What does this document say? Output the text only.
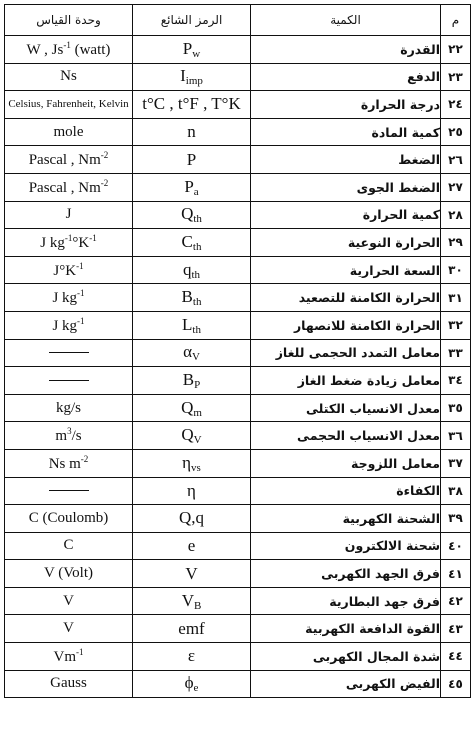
وحدة القياس	الرمز الشائع	الكمية	م
W , $Js^{-1}$ (watt)	$P_w$	القدرة	٢٢
Ns	$I_{imp}$	الدفع	٢٣
Celsius, Fahrenheit, Kelvin	t°C , t°F , T°K	درجة الحرارة	٢٤
mole	n	كمية المادة	٢٥
Pascal , $Nm^{-2}$	P	الضغط	٢٦
Pascal , $Nm^{-2}$	$P_a$	الضغط الجوى	٢٧
J	$Q_{th}$	كمية الحرارة	٢٨
J $kg^{-1}^\circ K^{-1}$	$C_{th}$	الحرارة النوعية	٢٩
$J^\circ K^{-1}$	$q_{th}$	السعة الحرارية	٣٠
J $kg^{-1}$	$B_{th}$	الحرارة الكامنة للتصعيد	٣١
J $kg^{-1}$	$L_{th}$	الحرارة الكامنة للانصهار	٣٢
	$\alpha_V$	معامل التمدد الحجمى للغاز	٣٣
	$B_P$	معامل زيادة ضغط الغاز	٣٤
kg/s	$Q_m$	معدل الانسياب الكتلى	٣٥
$m^3/s$	$Q_V$	معدل الانسياب الحجمى	٣٦
Ns $m^{-2}$	$\eta_{vs}$	معامل اللزوجة	٣٧
	η	الكفاءة	٣٨
C (Coulomb)	Q,q	الشحنة الكهربية	٣٩
C	e	شحنة الالكترون	٤٠
V (Volt)	V	فرق الجهد الكهربى	٤١
V	$V_B$	فرق جهد البطارية	٤٢
V	emf	القوة الدافعة الكهربية	٤٣
$Vm^{-1}$	ε	شدة المجال الكهربى	٤٤
Gauss	$\phi_e$	الفيض الكهربى	٤٥
